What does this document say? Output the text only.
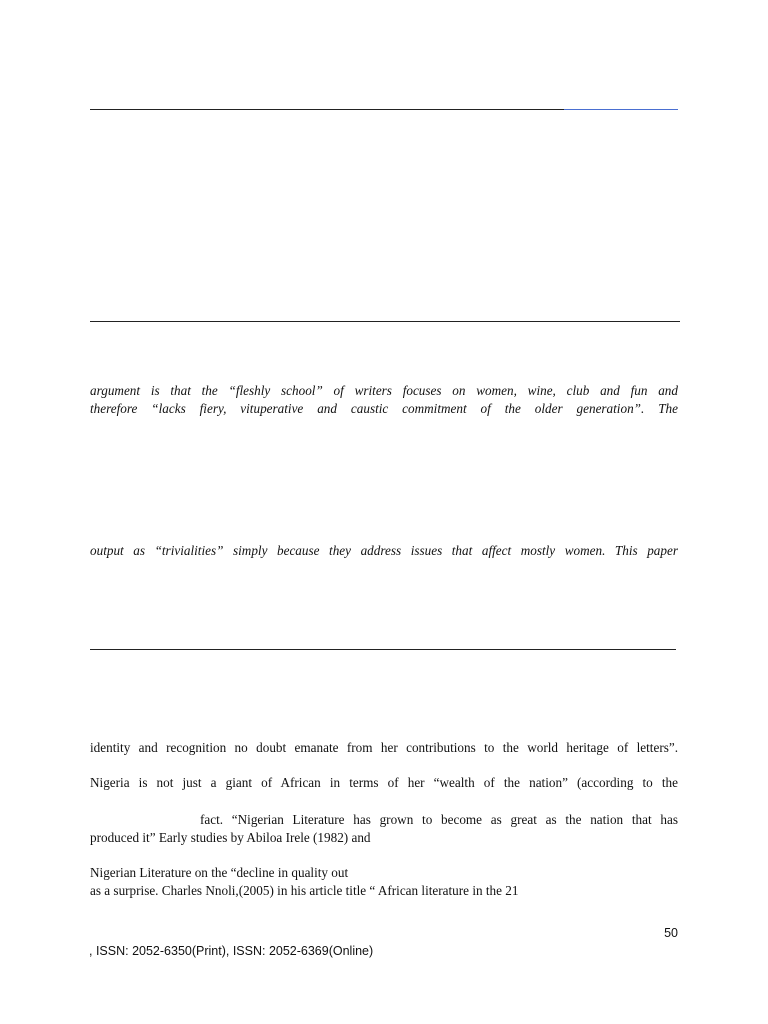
argument is that the “fleshly school” of writers focuses on women, wine, club and fun and
therefore “lacks fiery, vituperative and caustic commitment of the older generation”. The
output as “trivialities” simply because they address issues that affect mostly women. This paper
identity and recognition no doubt emanate from her contributions to the world heritage of letters”.
Nigeria is not just a giant of African in terms of her “wealth of the nation” (according to the
fact. “Nigerian Literature has grown to become as great as the nation that has
produced it” Early studies by Abiloa Irele (1982) and
Nigerian Literature on the “decline in quality out
as a surprise. Charles Nnoli,(2005) in his article title “ African literature in the 21
50
, ISSN: 2052-6350(Print), ISSN: 2052-6369(Online)
